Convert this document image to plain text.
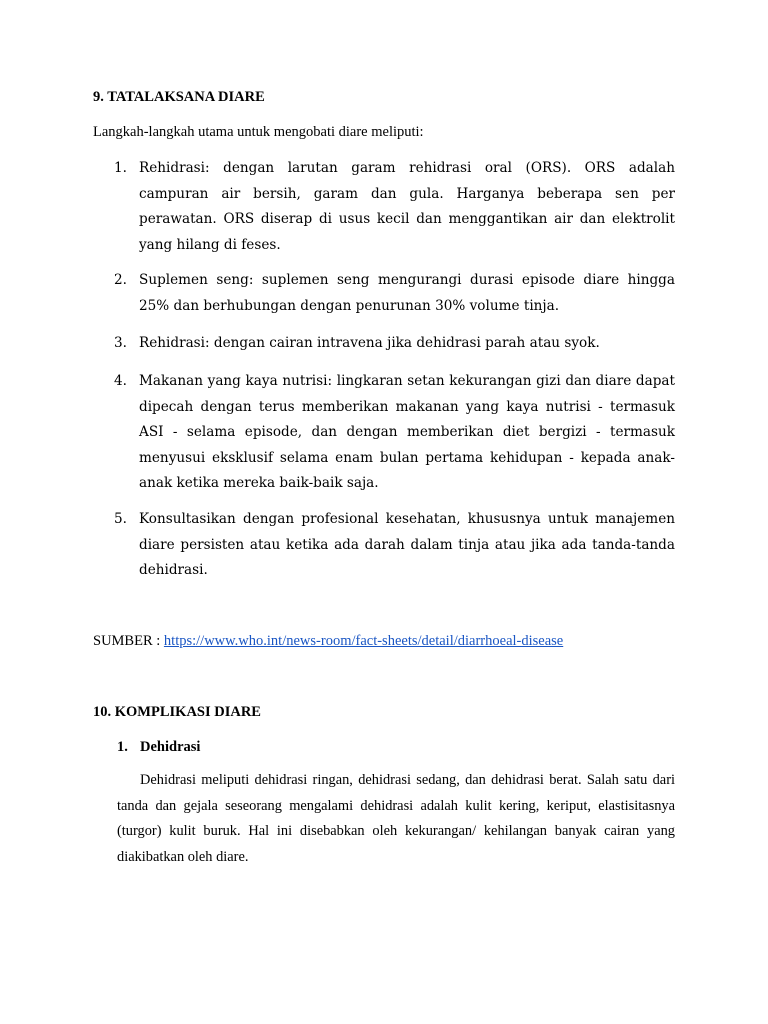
9. TATALAKSANA DIARE
Langkah-langkah utama untuk mengobati diare meliputi:
1. Rehidrasi: dengan larutan garam rehidrasi oral (ORS). ORS adalah campuran air bersih, garam dan gula. Harganya beberapa sen per perawatan. ORS diserap di usus kecil dan menggantikan air dan elektrolit yang hilang di feses.
2. Suplemen seng: suplemen seng mengurangi durasi episode diare hingga 25% dan berhubungan dengan penurunan 30% volume tinja.
3. Rehidrasi: dengan cairan intravena jika dehidrasi parah atau syok.
4. Makanan yang kaya nutrisi: lingkaran setan kekurangan gizi dan diare dapat dipecah dengan terus memberikan makanan yang kaya nutrisi - termasuk ASI - selama episode, dan dengan memberikan diet bergizi - termasuk menyusui eksklusif selama enam bulan pertama kehidupan - kepada anak-anak ketika mereka baik-baik saja.
5. Konsultasikan dengan profesional kesehatan, khususnya untuk manajemen diare persisten atau ketika ada darah dalam tinja atau jika ada tanda-tanda dehidrasi.
SUMBER : https://www.who.int/news-room/fact-sheets/detail/diarrhoeal-disease
10. KOMPLIKASI DIARE
1. Dehidrasi
Dehidrasi meliputi dehidrasi ringan, dehidrasi sedang, dan dehidrasi berat. Salah satu dari tanda dan gejala seseorang mengalami dehidrasi adalah kulit kering, keriput, elastisitasnya (turgor) kulit buruk. Hal ini disebabkan oleh kekurangan/ kehilangan banyak cairan yang diakibatkan oleh diare.
